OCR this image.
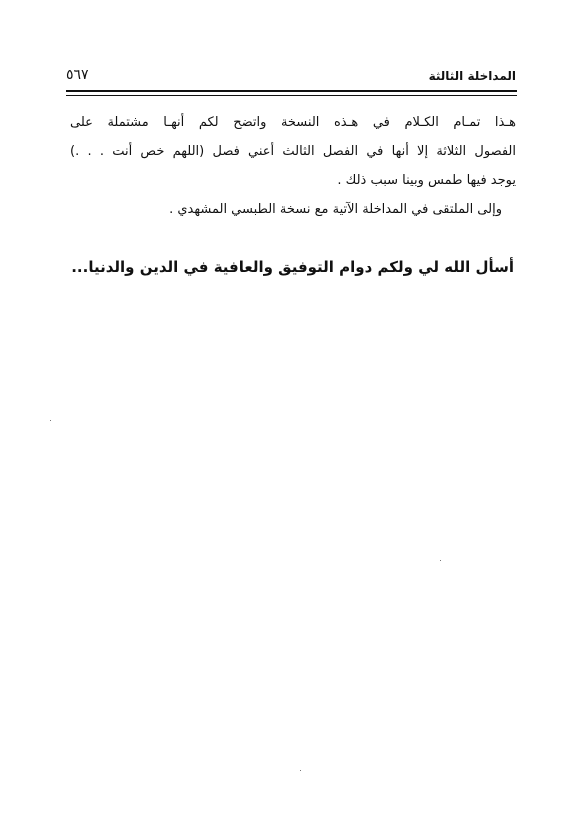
المداخلة الثالثة
٥٦٧
هـذا تمـام الكـلام في هـذه النسخة واتضح لكم أنهـا مشتملة على
الفصول الثلاثة إلا أنها في الفصل الثالث أعني فصل (اللهم خص أنت . . .)
يوجد فيها طمس وبينا سبب ذلك .
وإلى الملتقى في المداخلة الآتية مع نسخة الطبسي المشهدي .
أسأل الله لي ولكم دوام التوفيق والعافية في الدين والدنيا...
